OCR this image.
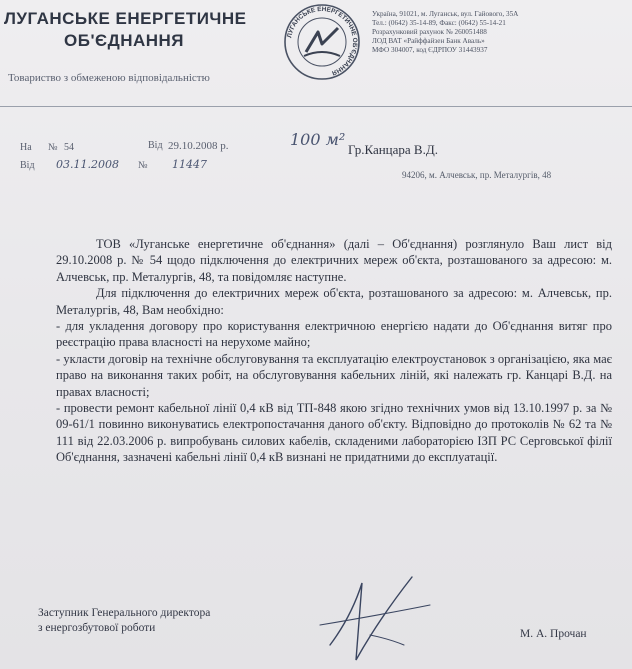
ЛУГАНСЬКЕ ЕНЕРГЕТИЧНЕ
ОБ'ЄДНАННЯ
Товариство з обмеженою відповідальністю
ЛУГАНСЬКЕ ЕНЕРГЕТИЧНЕ ОБ'ЄДНАННЯ
Україна, 91021, м. Луганськ, вул. Гайового, 35А
Тел.: (0642) 35-14-89, Факс: (0642) 55-14-21
Розрахунковий рахунок № 260051488
ЛОД ВАТ «Райффайзен Банк Аваль»
МФО 304007, код ЄДРПОУ 31443937
На № 54	Від 29.10.2008 р.
Від 03.11.2008 № 11447
100 м²
Гр.Канцара В.Д.
94206, м. Алчевськ, пр. Металургів, 48

ТОВ «Луганське енергетичне об'єднання» (далі – Об'єднання) розглянуло Ваш лист від 29.10.2008 р. № 54 щодо підключення до електричних мереж об'єкта, розташованого за адресою: м. Алчевськ, пр. Металургів, 48, та повідомляє наступне.

Для підключення до електричних мереж об'єкта, розташованого за адресою: м. Алчевськ, пр. Металургів, 48, Вам необхідно:

- для укладення договору про користування електричною енергією надати до Об'єднання витяг про реєстрацію права власності на нерухоме майно;

- укласти договір на технічне обслуговування та експлуатацію електроустановок з організацією, яка має право на виконання таких робіт, на обслуговування кабельних ліній, які належать гр. Канцарі В.Д. на правах власності;

- провести ремонт кабельної лінії 0,4 кВ від ТП-848 якою згідно технічних умов від 13.10.1997 р. за № 09-61/1 повинно виконуватись електропостачання даного об'єкту. Відповідно до протоколів № 62 та № 111 від 22.03.2006 р. випробувань силових кабелів, складеними лабораторією ІЗП РС Серговської філії Об'єднання, зазначені кабельні лінії 0,4 кВ визнані не придатними до експлуатації.

Заступник Генерального директора
з енергозбутової роботи	М. А. Прочан
